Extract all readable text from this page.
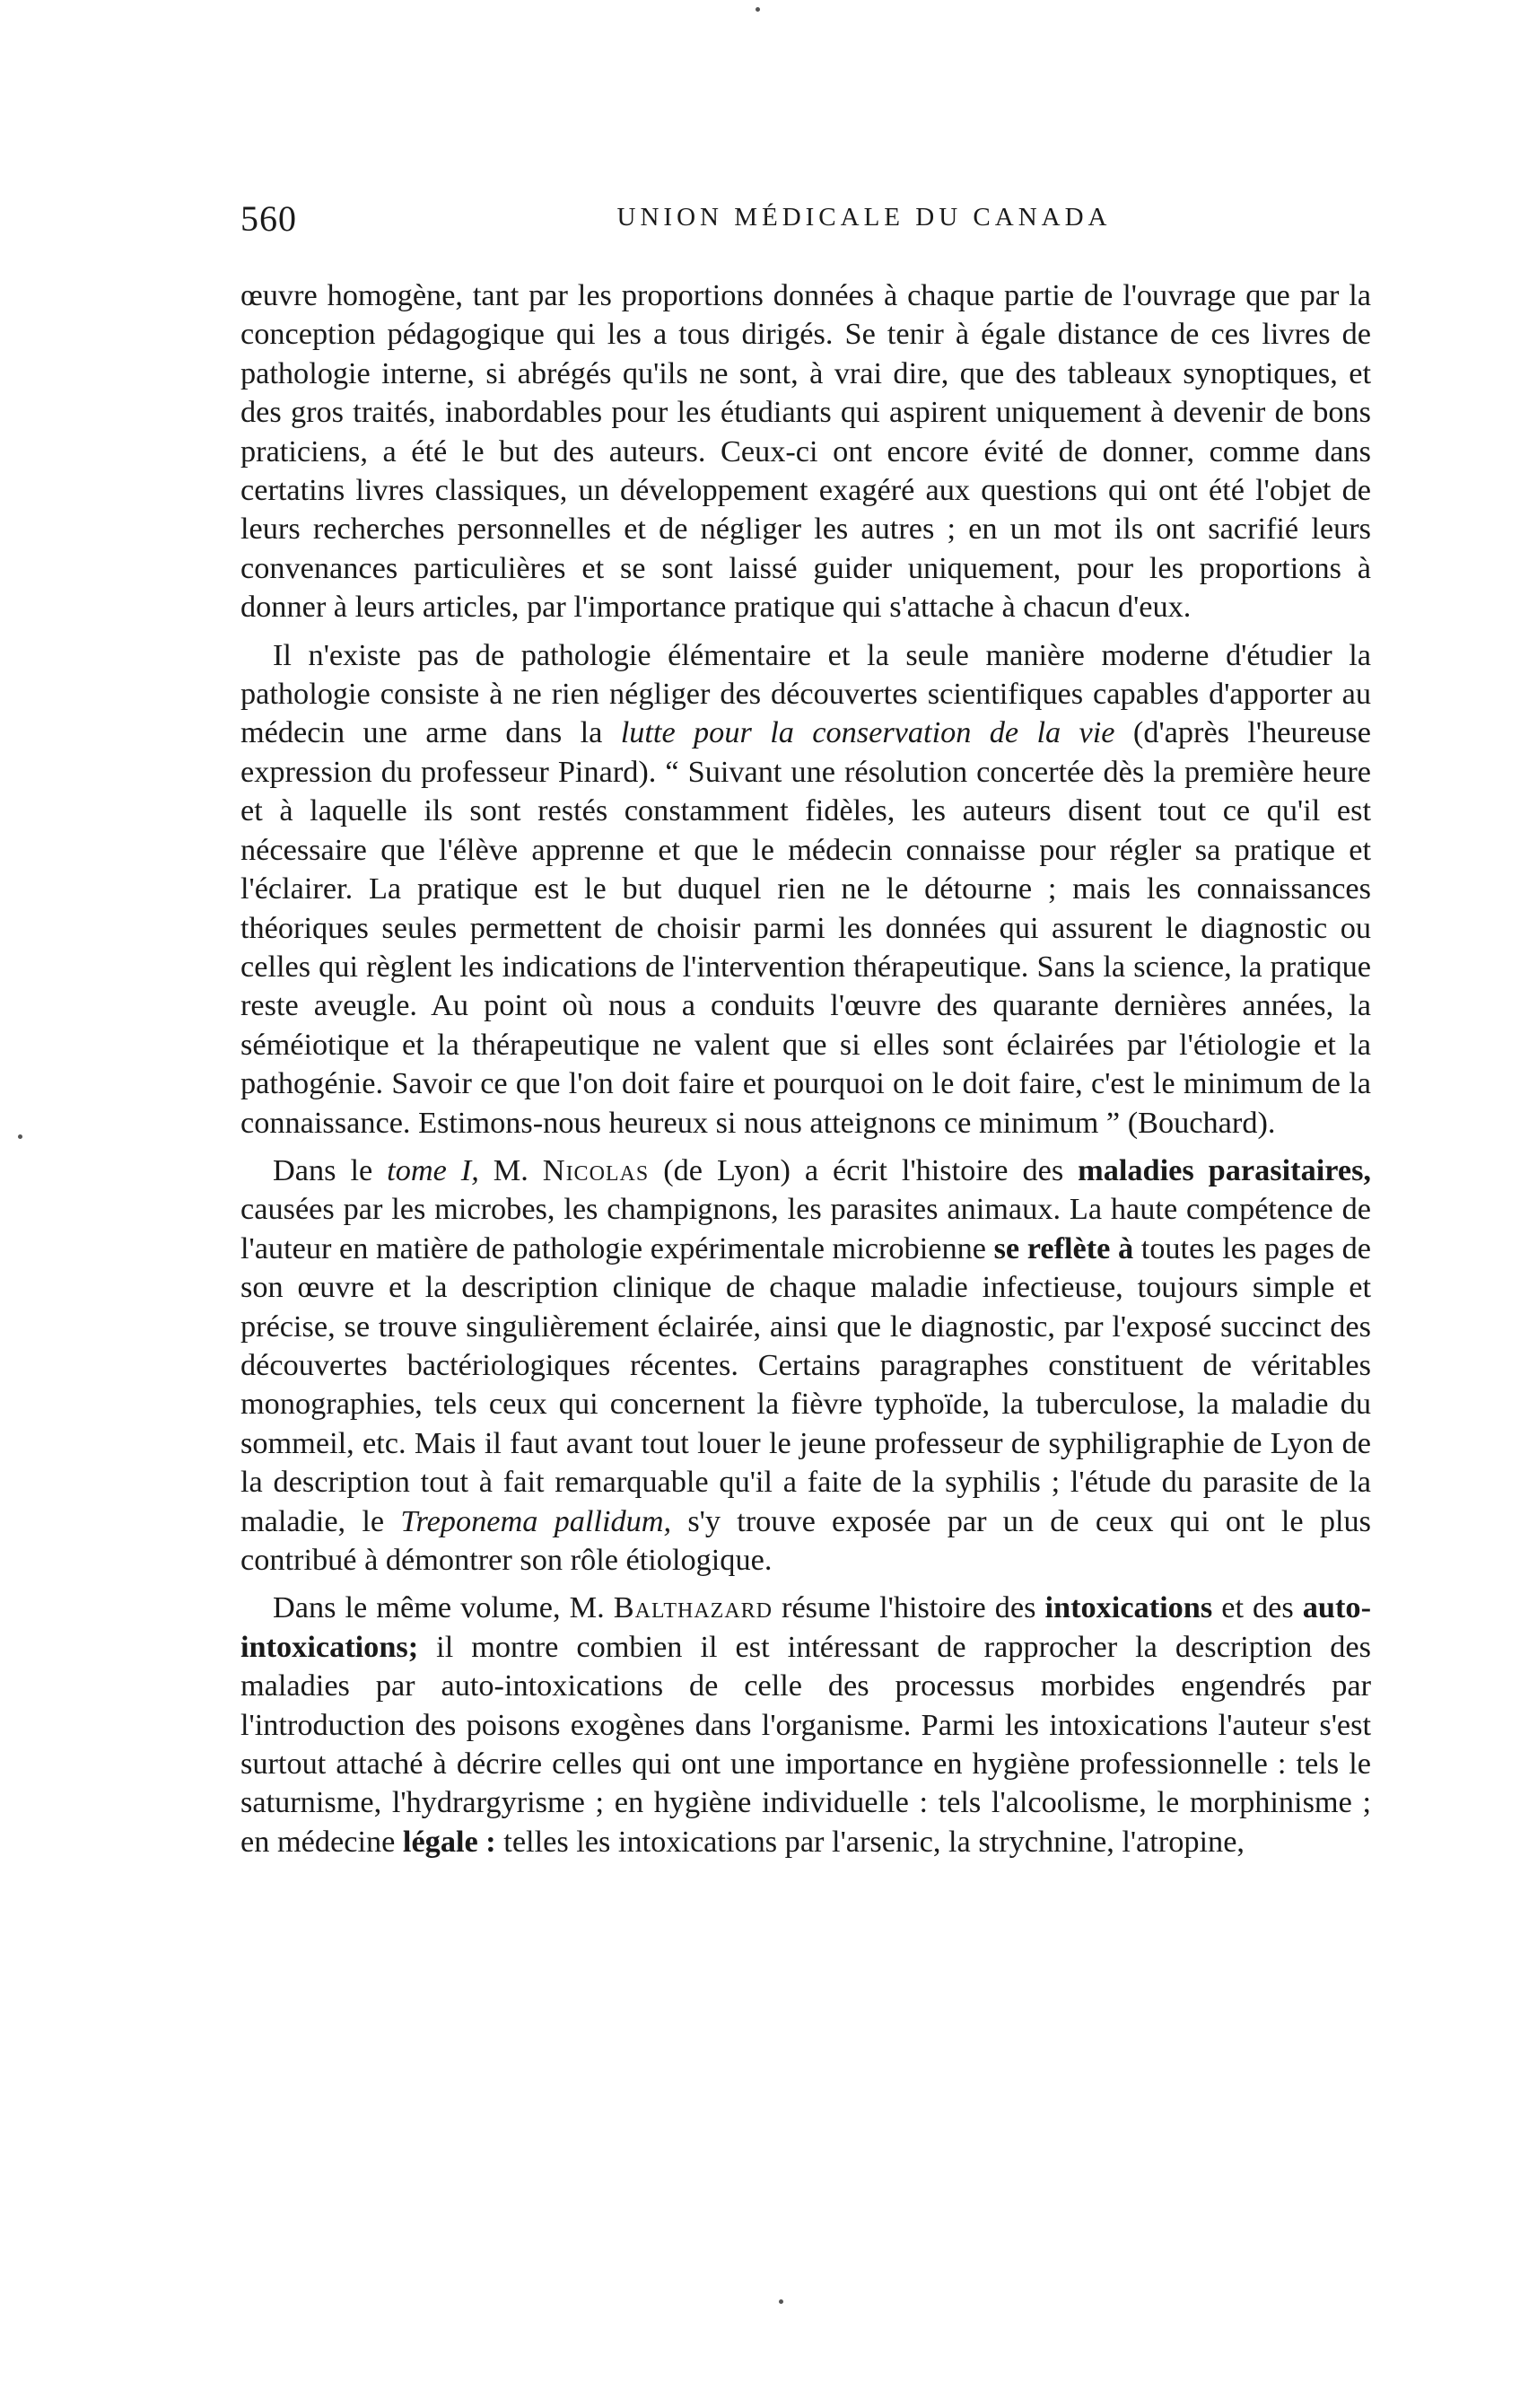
560	UNION MÉDICALE DU CANADA

œuvre homogène, tant par les proportions données à chaque partie de l'ouvrage que par la conception pédagogique qui les a tous dirigés. Se tenir à égale distance de ces livres de pathologie interne, si abrégés qu'ils ne sont, à vrai dire, que des tableaux synoptiques, et des gros traités, inabordables pour les étudiants qui aspirent uniquement à devenir de bons praticiens, a été le but des auteurs. Ceux-ci ont encore évité de donner, comme dans certatins livres classiques, un développement exagéré aux questions qui ont été l'objet de leurs recherches personnelles et de négliger les autres ; en un mot ils ont sacrifié leurs convenances particulières et se sont laissé guider uniquement, pour les proportions à donner à leurs articles, par l'importance pratique qui s'attache à chacun d'eux.

Il n'existe pas de pathologie élémentaire et la seule manière moderne d'étudier la pathologie consiste à ne rien négliger des découvertes scientifiques capables d'apporter au médecin une arme dans la lutte pour la conservation de la vie (d'après l'heureuse expression du professeur Pinard). “ Suivant une résolution concertée dès la première heure et à laquelle ils sont restés constamment fidèles, les auteurs disent tout ce qu'il est nécessaire que l'élève apprenne et que le médecin connaisse pour régler sa pratique et l'éclairer. La pratique est le but duquel rien ne le détourne ; mais les connaissances théoriques seules permettent de choisir parmi les données qui assurent le diagnostic ou celles qui règlent les indications de l'intervention thérapeutique. Sans la science, la pratique reste aveugle. Au point où nous a conduits l'œuvre des quarante dernières années, la séméiotique et la thérapeutique ne valent que si elles sont éclairées par l'étiologie et la pathogénie. Savoir ce que l'on doit faire et pourquoi on le doit faire, c'est le minimum de la connaissance. Estimons-nous heureux si nous atteignons ce minimum ” (Bouchard).

Dans le tome I, M. Nicolas (de Lyon) a écrit l'histoire des maladies parasitaires, causées par les microbes, les champignons, les parasites animaux. La haute compétence de l'auteur en matière de pathologie expérimentale microbienne se reflète à toutes les pages de son œuvre et la description clinique de chaque maladie infectieuse, toujours simple et précise, se trouve singulièrement éclairée, ainsi que le diagnostic, par l'exposé succinct des découvertes bactériologiques récentes. Certains paragraphes constituent de véritables monographies, tels ceux qui concernent la fièvre typhoïde, la tuberculose, la maladie du sommeil, etc. Mais il faut avant tout louer le jeune professeur de syphiligraphie de Lyon de la description tout à fait remarquable qu'il a faite de la syphilis ; l'étude du parasite de la maladie, le Treponema pallidum, s'y trouve exposée par un de ceux qui ont le plus contribué à démontrer son rôle étiologique.

Dans le même volume, M. Balthazard résume l'histoire des intoxications et des auto-intoxications; il montre combien il est intéressant de rapprocher la description des maladies par auto-intoxications de celle des processus morbides engendrés par l'introduction des poisons exogènes dans l'organisme. Parmi les intoxications l'auteur s'est surtout attaché à décrire celles qui ont une importance en hygiène professionnelle : tels le saturnisme, l'hydrargyrisme ; en hygiène individuelle : tels l'alcoolisme, le morphinisme ; en médecine légale : telles les intoxications par l'arsenic, la strychnine, l'atropine,
